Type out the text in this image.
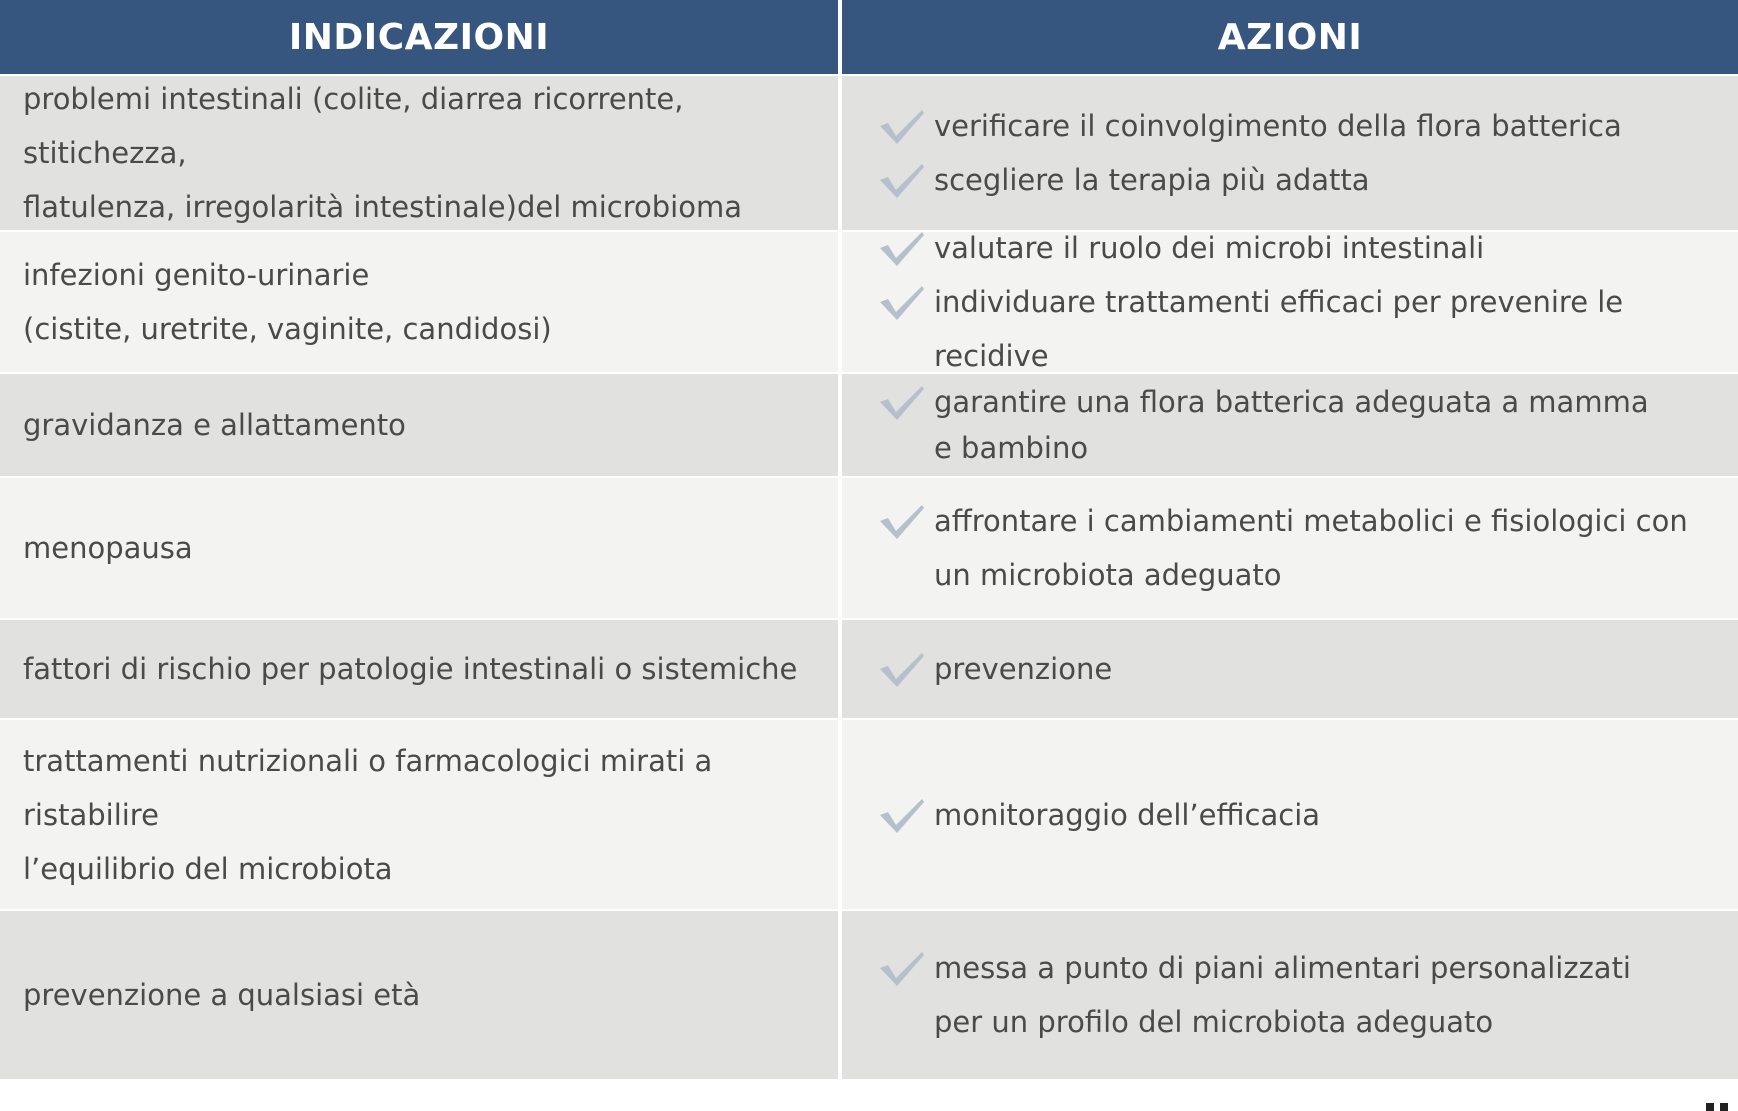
INDICAZIONI	AZIONI
problemi intestinali (colite, diarrea ricorrente, stitichezza,
flatulenza, irregolarità intestinale)del microbioma
verificare il coinvolgimento della flora batterica
scegliere la terapia più adatta
infezioni genito-urinarie
(cistite, uretrite, vaginite, candidosi)
valutare il ruolo dei microbi intestinali
individuare trattamenti efficaci per prevenire le recidive
gravidanza e allattamento
garantire una flora batterica adeguata a mamma
e bambino
menopausa
affrontare i cambiamenti metabolici e fisiologici con
un microbiota adeguato
fattori di rischio per patologie intestinali o sistemiche	prevenzione
trattamenti nutrizionali o farmacologici mirati a ristabilire
l’equilibrio del microbiota
monitoraggio dell’efficacia
prevenzione a qualsiasi età
messa a punto di piani alimentari personalizzati
per un profilo del microbiota adeguato
